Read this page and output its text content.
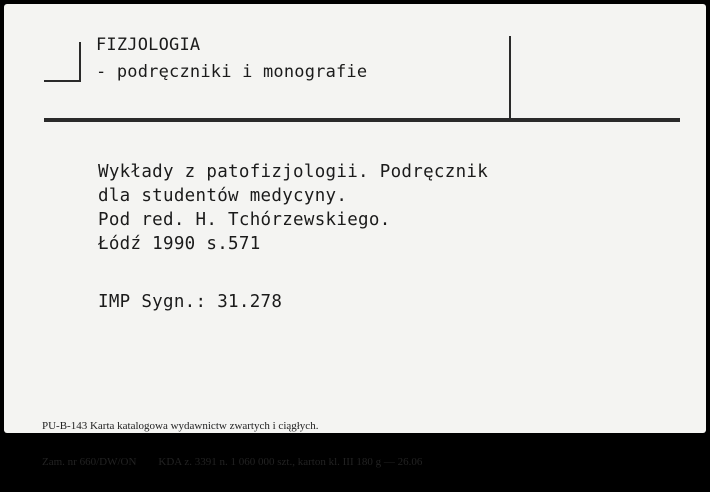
FIZJOLOGIA
- podręczniki i monografie
Wykłady z patofizjologii. Podręcznik
dla studentów medycyny.
Pod red. H. Tchórzewskiego.
Łódź 1990 s.571
IMP Sygn.: 31.278

PU-B-143 Karta katalogowa wydawnictw zwartych i ciągłych.

Zam. nr 660/DW/ON        KDA z. 3391 n. 1 060 000 szt., karton kl. III 180 g — 26.06
